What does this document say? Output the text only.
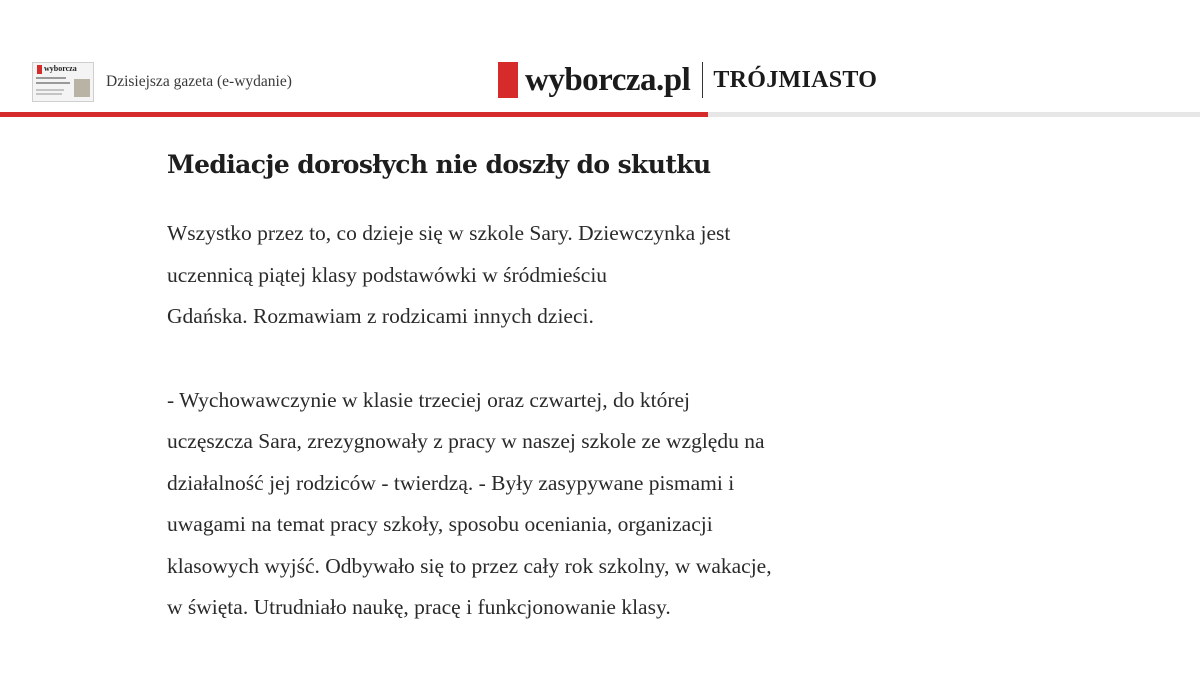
wyborcza
Dzisiejsza gazeta (e-wydanie)	wyborcza.pl TRÓJMIASTO
Mediacje dorosłych nie doszły do skutku

Wszystko przez to, co dzieje się w szkole Sary. Dziewczynka jest
uczennicą piątej klasy podstawówki w śródmieściu
Gdańska. Rozmawiam z rodzicami innych dzieci.

- Wychowawczynie w klasie trzeciej oraz czwartej, do której
uczęszcza Sara, zrezygnowały z pracy w naszej szkole ze względu na
działalność jej rodziców - twierdzą. - Były zasypywane pismami i
uwagami na temat pracy szkoły, sposobu oceniania, organizacji
klasowych wyjść. Odbywało się to przez cały rok szkolny, w wakacje,
w święta. Utrudniało naukę, pracę i funkcjonowanie klasy.
